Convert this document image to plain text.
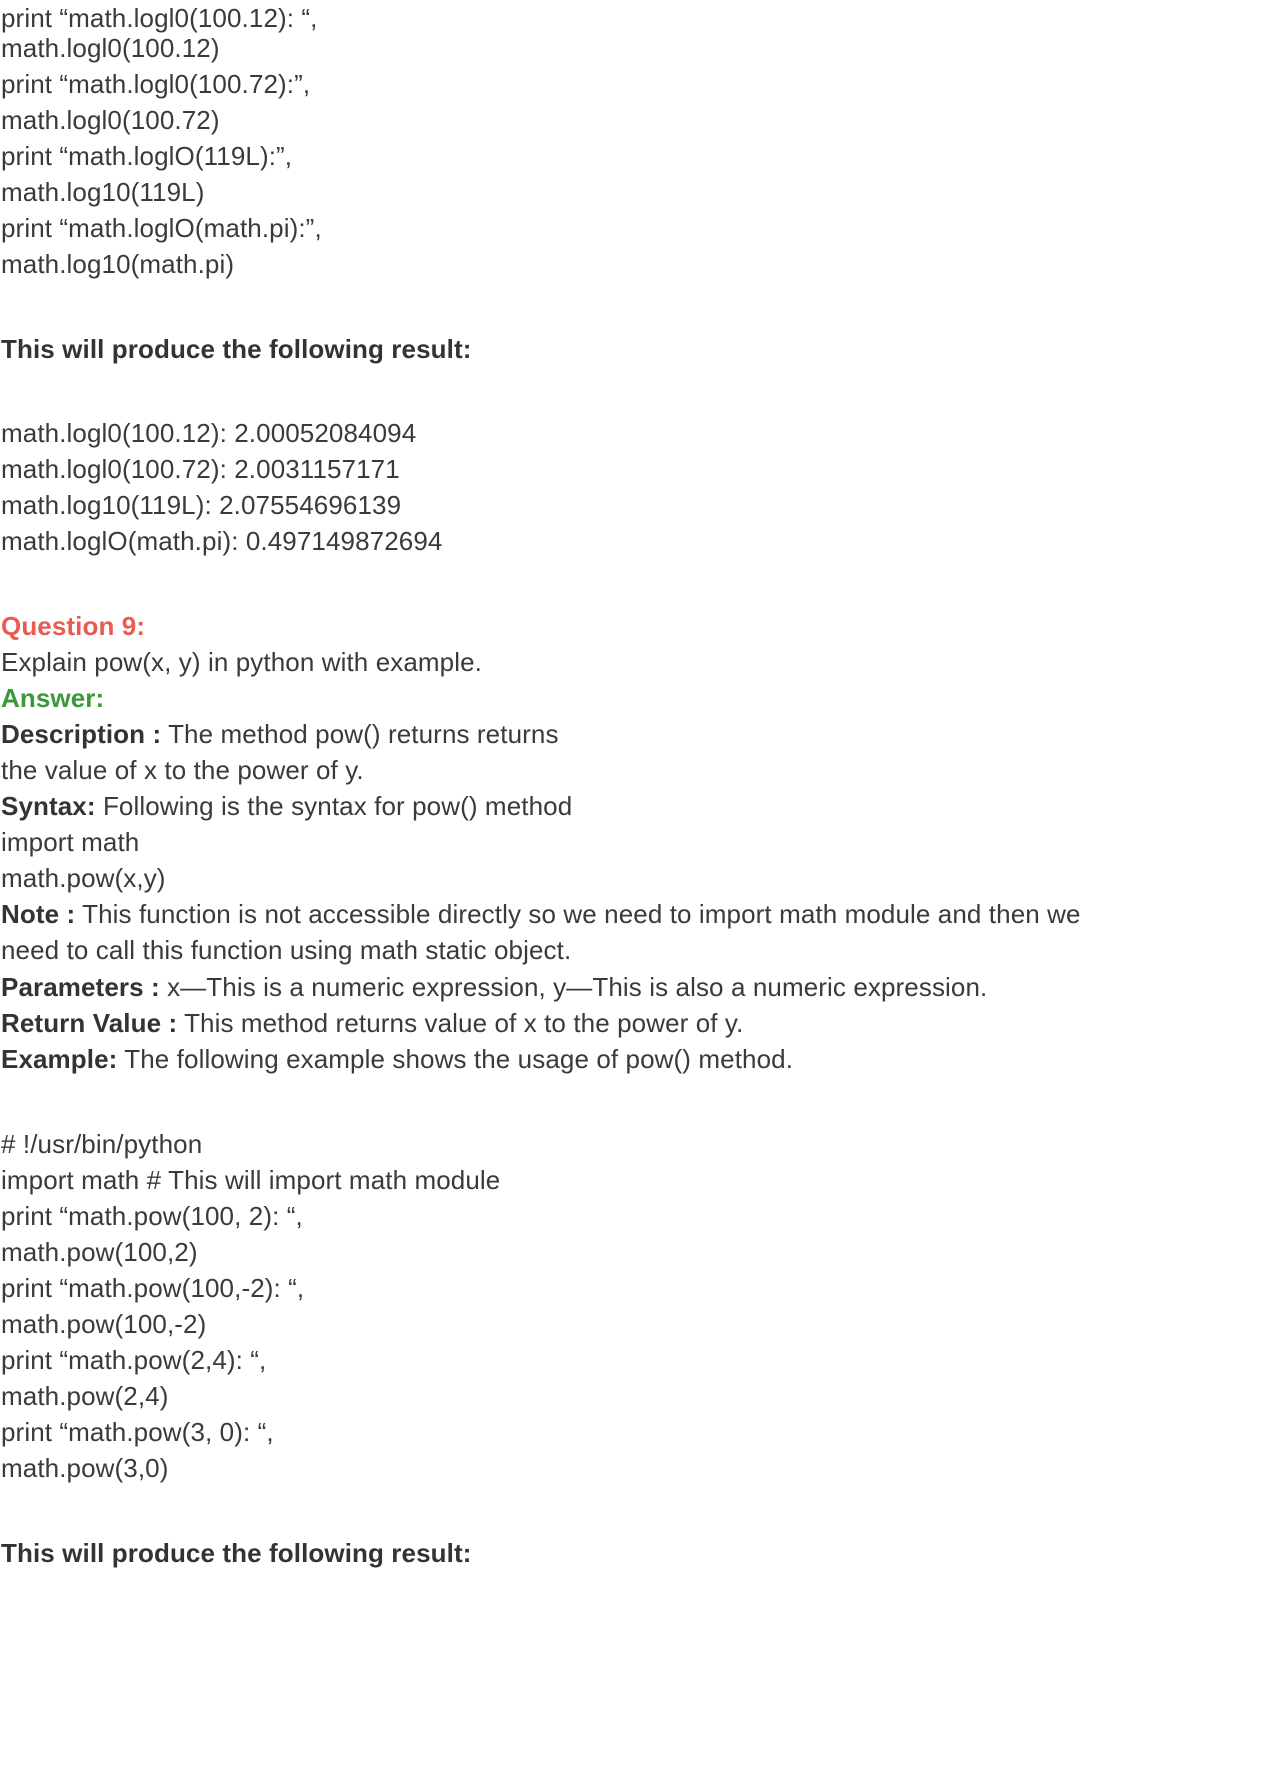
print “math.logl0(100.12): “,
math.logl0(100.12)
print “math.logl0(100.72):”,
math.logl0(100.72)
print “math.loglO(119L):”,
math.log10(119L)
print “math.loglO(math.pi):”,
math.log10(math.pi)
This will produce the following result:
math.logl0(100.12): 2.00052084094
math.logl0(100.72): 2.0031157171
math.log10(119L): 2.07554696139
math.loglO(math.pi): 0.497149872694
Question 9:
Explain pow(x, y) in python with example.
Answer:
Description : The method pow() returns returns
the value of x to the power of y.
Syntax: Following is the syntax for pow() method
import math
math.pow(x,y)
Note : This function is not accessible directly so we need to import math module and then we
need to call this function using math static object.
Parameters : x—This is a numeric expression, y—This is also a numeric expression.
Return Value : This method returns value of x to the power of y.
Example: The following example shows the usage of pow() method.
# !/usr/bin/python
import math # This will import math module
print “math.pow(100, 2): “,
math.pow(100,2)
print “math.pow(100,-2): “,
math.pow(100,-2)
print “math.pow(2,4): “,
math.pow(2,4)
print “math.pow(3, 0): “,
math.pow(3,0)
This will produce the following result:
